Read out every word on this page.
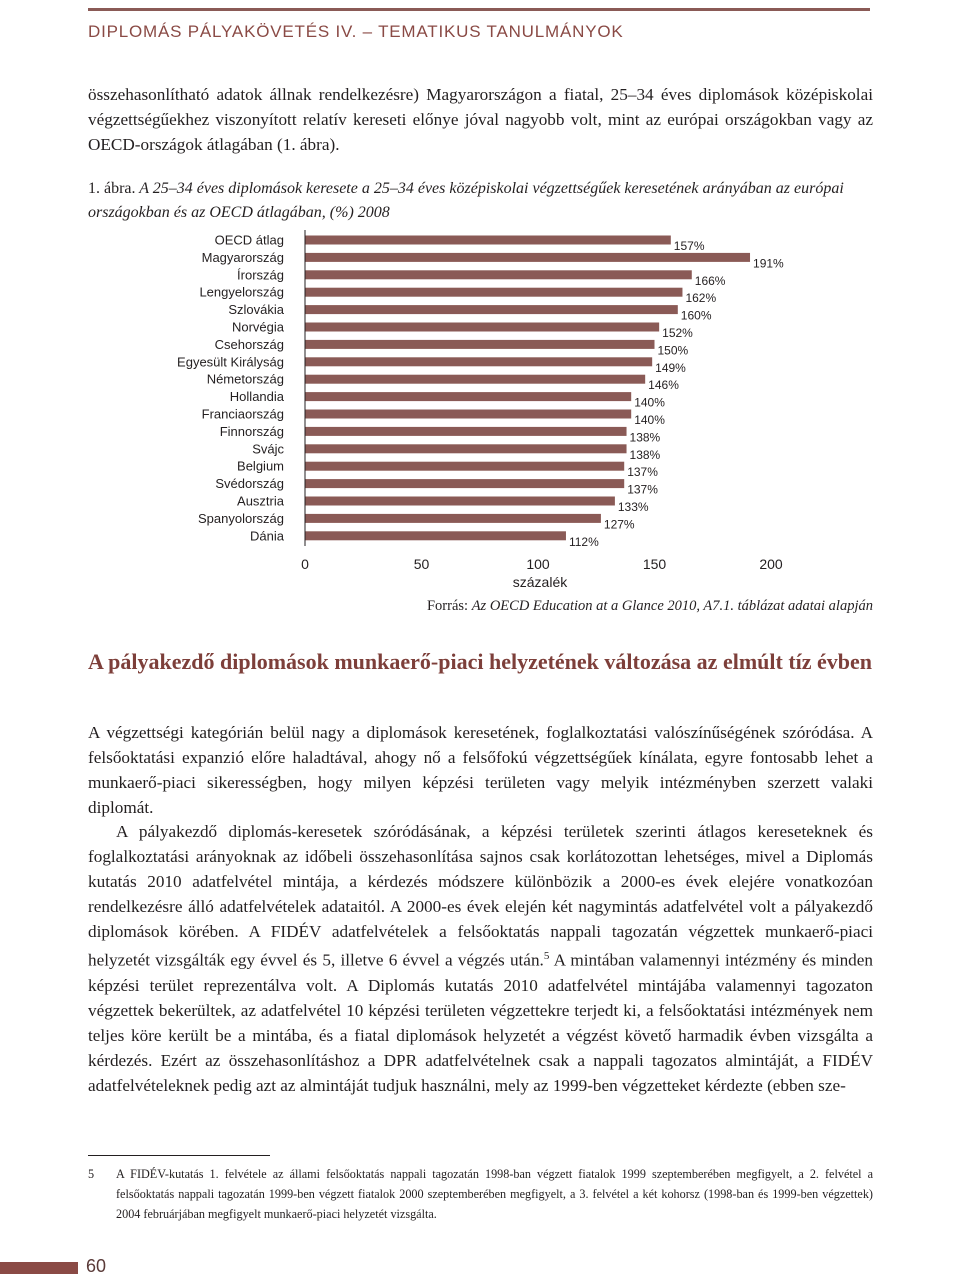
DIPLOMÁS PÁLYAKÖVETÉS IV. – TEMATIKUS TANULMÁNYOK

összehasonlítható adatok állnak rendelkezésre) Magyarországon a fiatal, 25–34 éves diplomások középiskolai végzettségűekhez viszonyított relatív kereseti előnye jóval nagyobb volt, mint az európai országokban vagy az OECD-országok átlagában (1. ábra).

1. ábra. A 25–34 éves diplomások keresete a 25–34 éves középiskolai végzettségűek keresetének arányában az európai országokban és az OECD átlagában, (%) 2008

OECD átlag
Magyarország
Írország
Lengyelország
Szlovákia
Norvégia
Csehország
Egyesült Királyság
Németország
Hollandia
Franciaország
Finnország
Svájc
Belgium
Svédország
Ausztria
Spanyolország
Dánia
157%
191%
166%
162%
160%
152%
150%
149%
146%
140%
140%
138%
138%
137%
137%
133%
127%
112%
0	50	100	150	200
százalék
Forrás: Az OECD Education at a Glance 2010, A7.1. táblázat adatai alapján
A pályakezdő diplomások munkaerő-piaci helyzetének változása az elmúlt tíz évben

A végzettségi kategórián belül nagy a diplomások keresetének, foglalkoztatási valószínűségének szóródása. A felsőoktatási expanzió előre haladtával, ahogy nő a felsőfokú végzettségűek kínálata, egyre fontosabb lehet a munkaerő-piaci sikerességben, hogy milyen képzési területen vagy melyik intézményben szerzett valaki diplomát.

A pályakezdő diplomás-keresetek szóródásának, a képzési területek szerinti átlagos kereseteknek és foglalkoztatási arányoknak az időbeli összehasonlítása sajnos csak korlátozottan lehetséges, mivel a Diplomás kutatás 2010 adatfelvétel mintája, a kérdezés módszere különbözik a 2000-es évek elejére vonatkozóan rendelkezésre álló adatfelvételek adataitól. A 2000-es évek elején két nagymintás adatfelvétel volt a pályakezdő diplomások körében. A FIDÉV adatfelvételek a felsőoktatás nappali tagozatán végzettek munkaerő-piaci helyzetét vizsgálták egy évvel és 5, illetve 6 évvel a végzés után.$^5$ A mintában valamennyi intézmény és minden képzési terület reprezentálva volt. A Diplomás kutatás 2010 adatfelvétel mintájába valamennyi tagozaton végzettek bekerültek, az adatfelvétel 10 képzési területen végzettekre terjedt ki, a felsőoktatási intézmények nem teljes köre került be a mintába, és a fiatal diplomások helyzetét a végzést követő harmadik évben vizsgálta a kérdezés. Ezért az összehasonlításhoz a DPR adatfelvételnek csak a nappali tagozatos almintáját, a FIDÉV adatfelvételeknek pedig azt az almintáját tudjuk használni, mely az 1999-ben végzetteket kérdezte (ebben sze-

5 A FIDÉV-kutatás 1. felvétele az állami felsőoktatás nappali tagozatán 1998-ban végzett fiatalok 1999 szeptemberében megfigyelt, a 2. felvétel a felsőoktatás nappali tagozatán 1999-ben végzett fiatalok 2000 szeptemberében megfigyelt, a 3. felvétel a két kohorsz (1998-ban és 1999-ben végzettek) 2004 februárjában megfigyelt munkaerő-piaci helyzetét vizsgálta.

60
